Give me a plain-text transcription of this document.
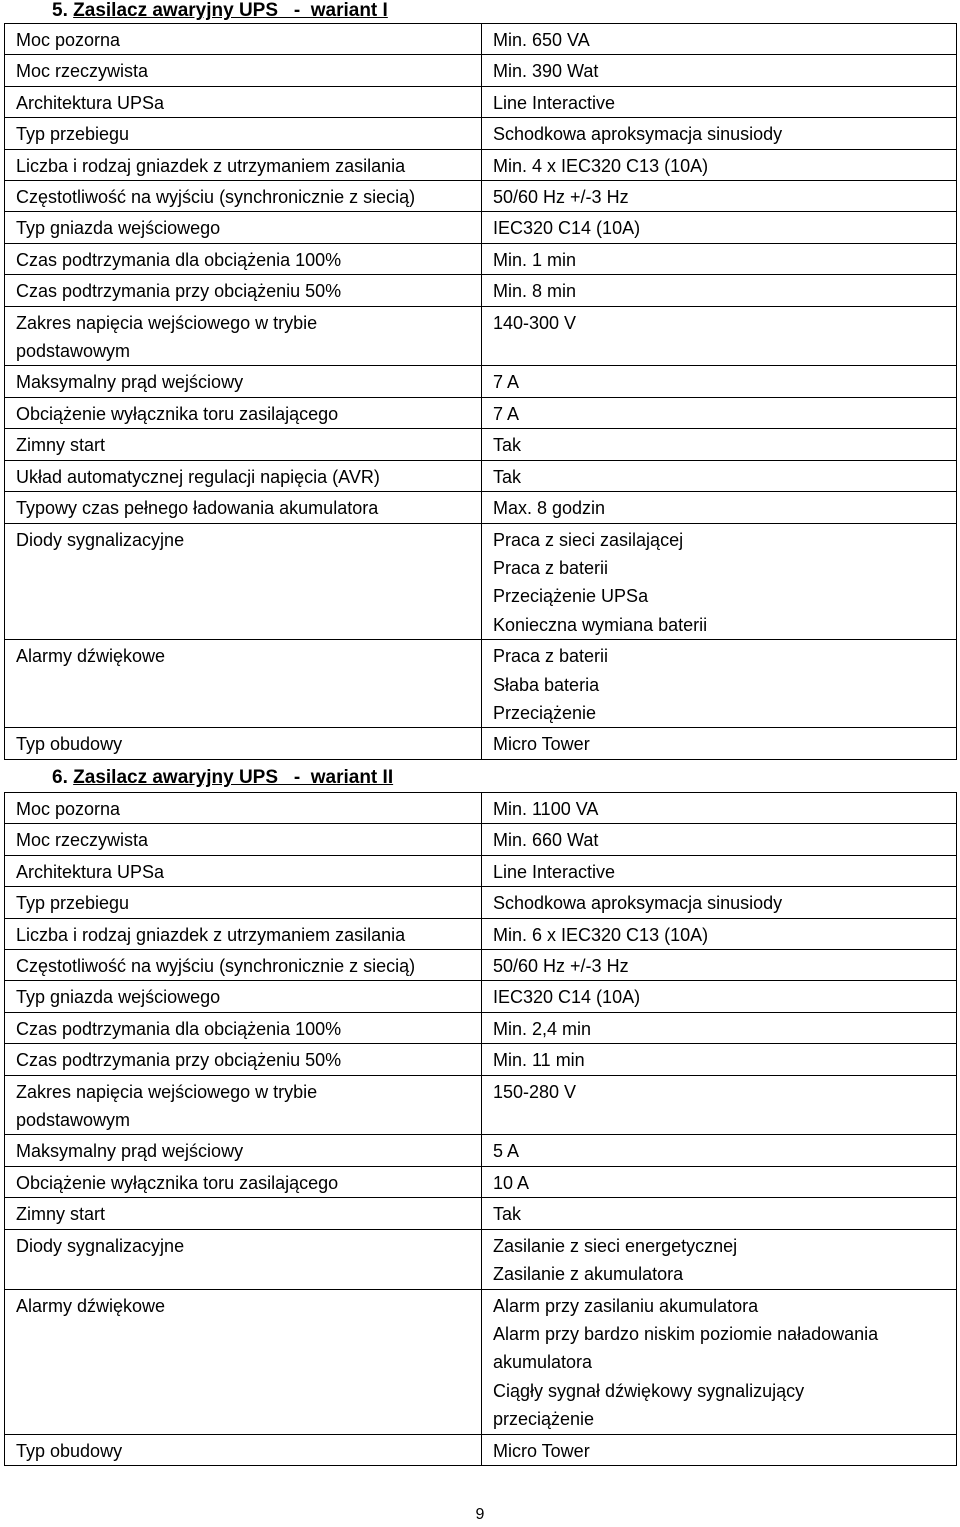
5. Zasilacz awaryjny UPS   -  wariant I
Moc pozorna	Min. 650 VA

Moc rzeczywista	Min. 390 Wat

Architektura UPSa	Line Interactive

Typ przebiegu	Schodkowa aproksymacja sinusiody

Liczba i rodzaj gniazdek z utrzymaniem zasilania	Min. 4 x IEC320 C13 (10A)

Częstotliwość na wyjściu (synchronicznie z siecią)	50/60 Hz +/-3 Hz

Typ gniazda wejściowego	IEC320 C14 (10A)

Czas podtrzymania dla obciążenia 100%	Min. 1 min

Czas podtrzymania przy obciążeniu 50%	Min. 8 min

Zakres napięcia wejściowego w trybie
podstawowym	140-300 V

Maksymalny prąd wejściowy	7 A

Obciążenie wyłącznika toru zasilającego	7 A

Zimny start	Tak

Układ automatycznej regulacji napięcia (AVR)	Tak

Typowy czas pełnego ładowania akumulatora	Max. 8 godzin

Diody sygnalizacyjne	Praca z sieci zasilającej
Praca z baterii
Przeciążenie UPSa
Konieczna wymiana baterii

Alarmy dźwiękowe	Praca z baterii
Słaba bateria
Przeciążenie

Typ obudowy	Micro Tower
6. Zasilacz awaryjny UPS   -  wariant II
Moc pozorna	Min. 1100 VA

Moc rzeczywista	Min. 660 Wat

Architektura UPSa	Line Interactive

Typ przebiegu	Schodkowa aproksymacja sinusiody

Liczba i rodzaj gniazdek z utrzymaniem zasilania	Min. 6 x IEC320 C13 (10A)

Częstotliwość na wyjściu (synchronicznie z siecią)	50/60 Hz +/-3 Hz

Typ gniazda wejściowego	IEC320 C14 (10A)

Czas podtrzymania dla obciążenia 100%	Min. 2,4 min

Czas podtrzymania przy obciążeniu 50%	Min. 11 min

Zakres napięcia wejściowego w trybie
podstawowym	150-280 V

Maksymalny prąd wejściowy	5 A

Obciążenie wyłącznika toru zasilającego	10 A

Zimny start	Tak

Diody sygnalizacyjne	Zasilanie z sieci energetycznej
Zasilanie z akumulatora

Alarmy dźwiękowe	Alarm przy zasilaniu akumulatora
Alarm przy bardzo niskim poziomie naładowania
akumulatora
Ciągły sygnał dźwiękowy sygnalizujący
przeciążenie

Typ obudowy	Micro Tower
9
